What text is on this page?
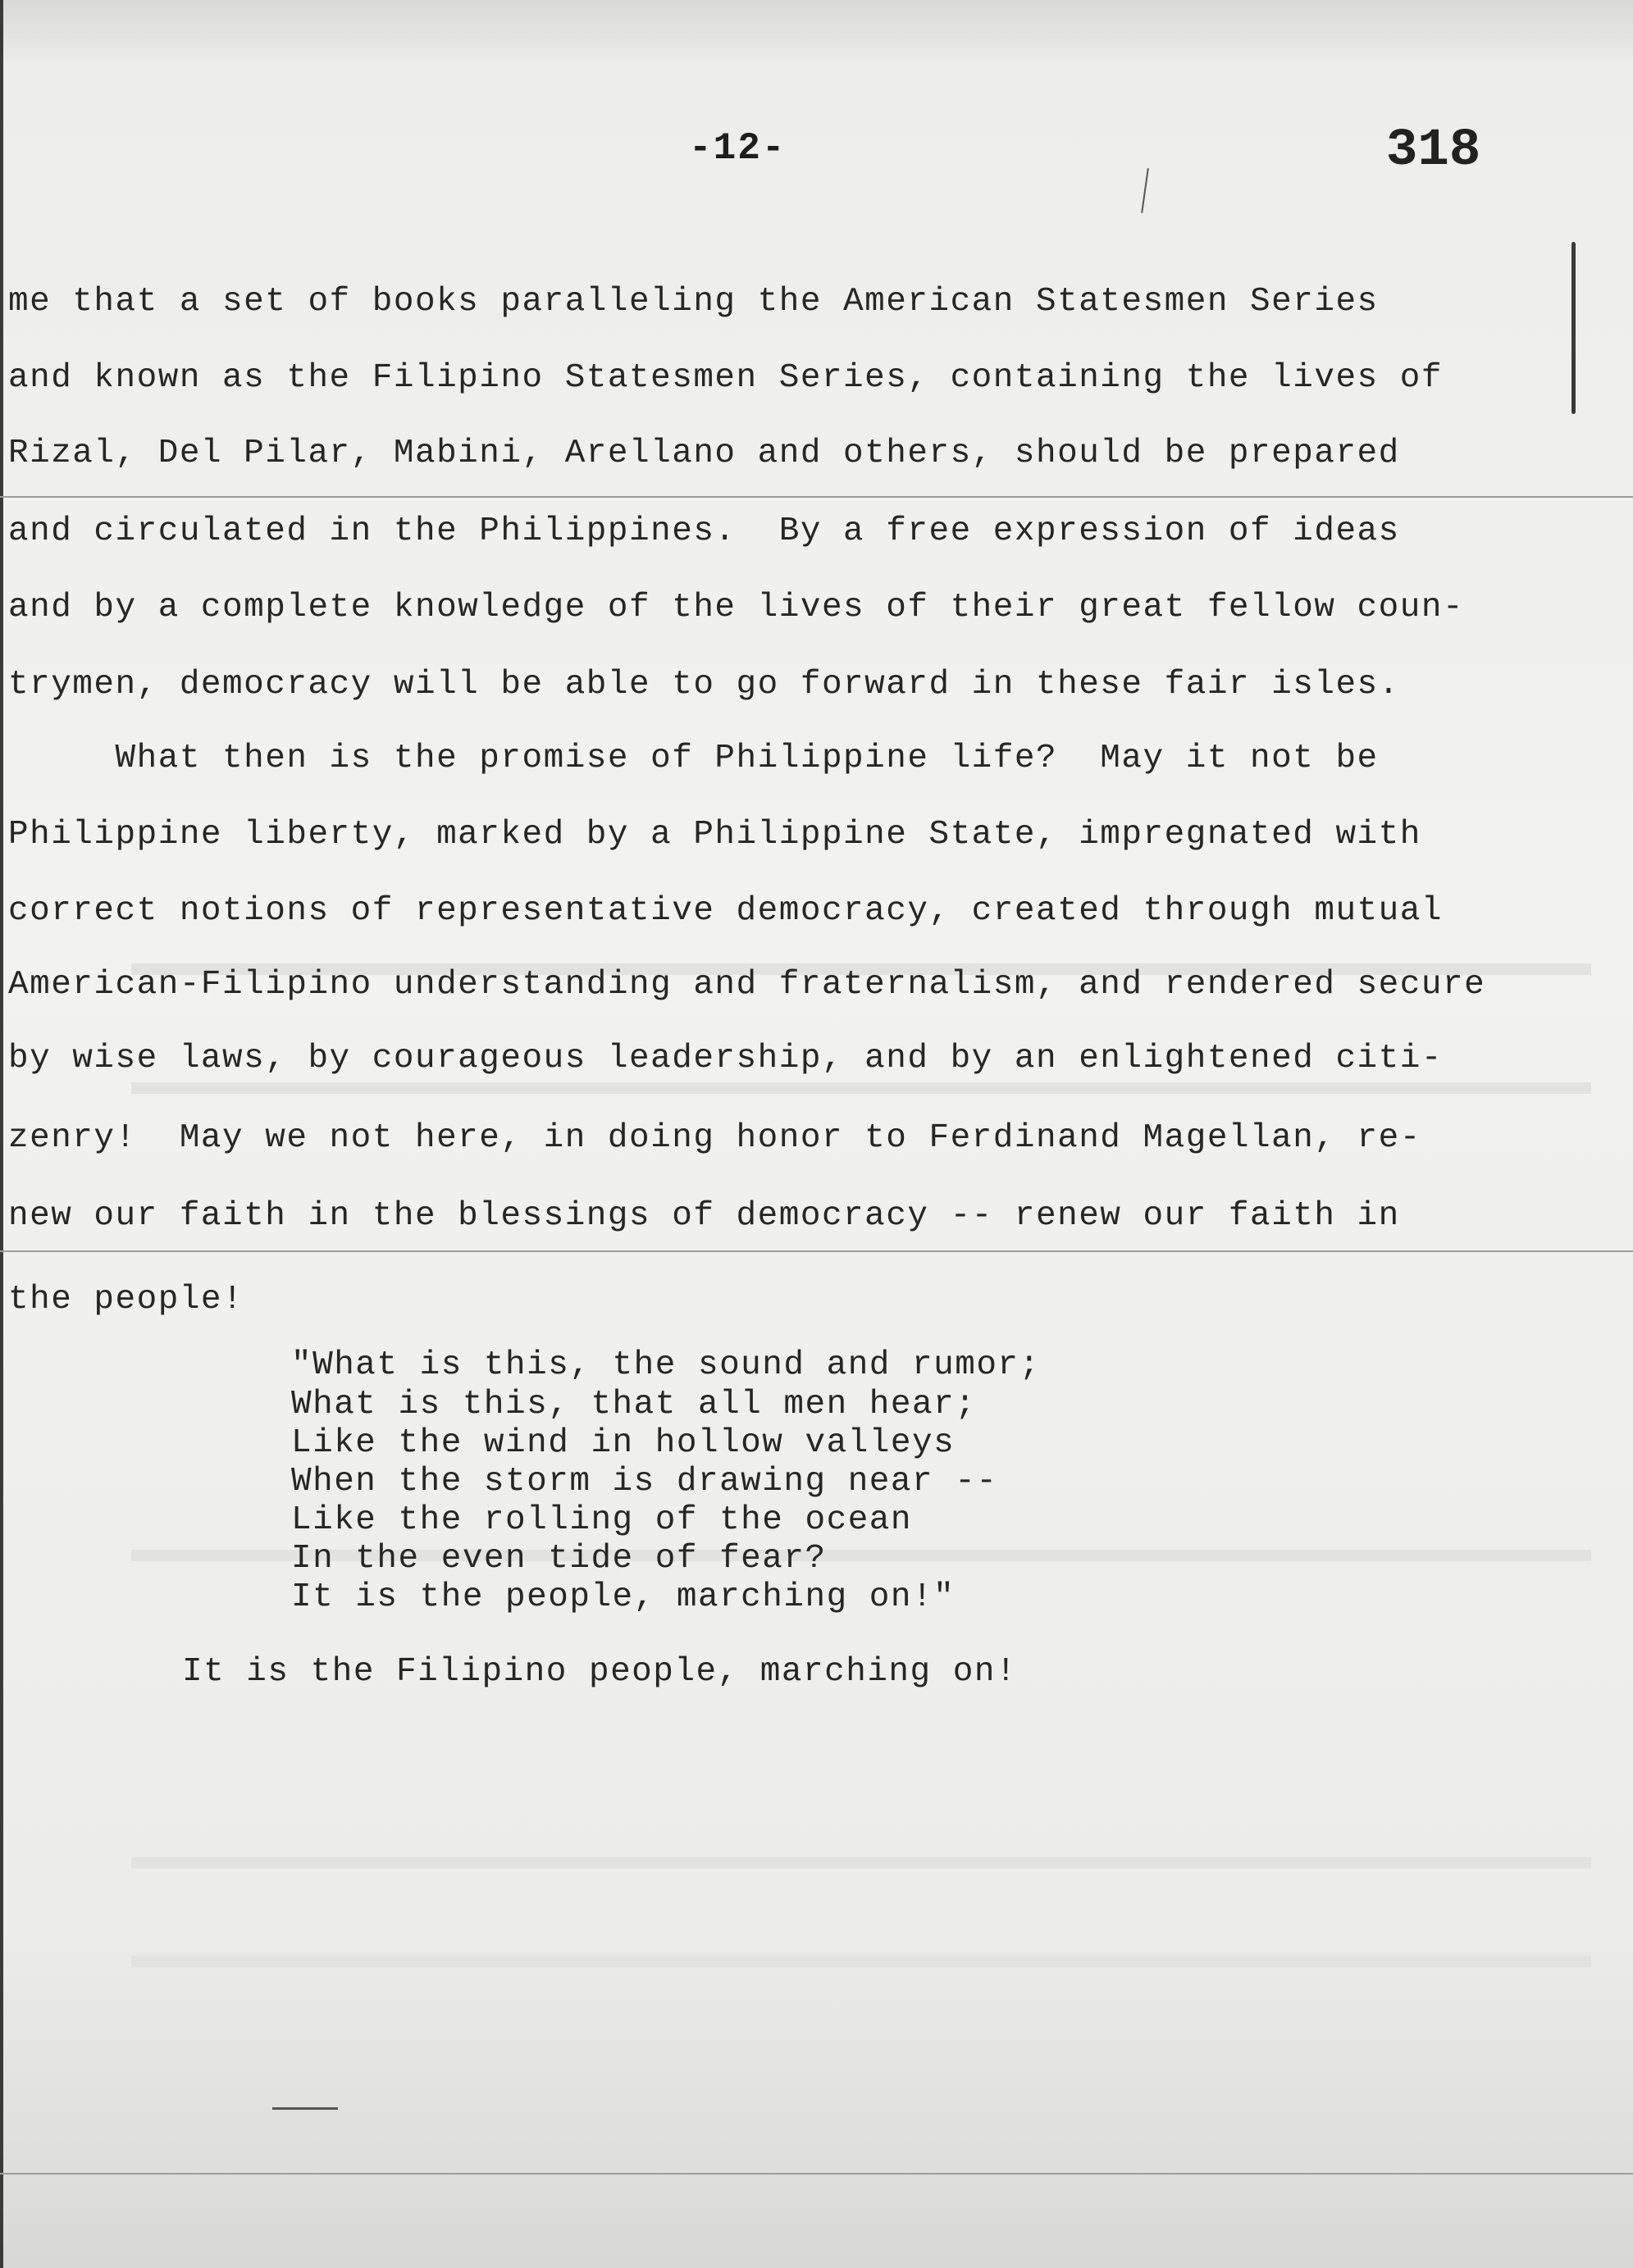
-12-	318
me that a set of books paralleling the American Statesmen Series
and known as the Filipino Statesmen Series, containing the lives of
Rizal, Del Pilar, Mabini, Arellano and others, should be prepared
and circulated in the Philippines.  By a free expression of ideas
and by a complete knowledge of the lives of their great fellow coun-
trymen, democracy will be able to go forward in these fair isles.
What then is the promise of Philippine life?  May it not be
Philippine liberty, marked by a Philippine State, impregnated with
correct notions of representative democracy, created through mutual
American-Filipino understanding and fraternalism, and rendered secure
by wise laws, by courageous leadership, and by an enlightened citi-
zenry!  May we not here, in doing honor to Ferdinand Magellan, re-
new our faith in the blessings of democracy -- renew our faith in
the people!
"What is this, the sound and rumor;
What is this, that all men hear;
Like the wind in hollow valleys
When the storm is drawing near --
Like the rolling of the ocean
In the even tide of fear?
It is the people, marching on!"
It is the Filipino people, marching on!
